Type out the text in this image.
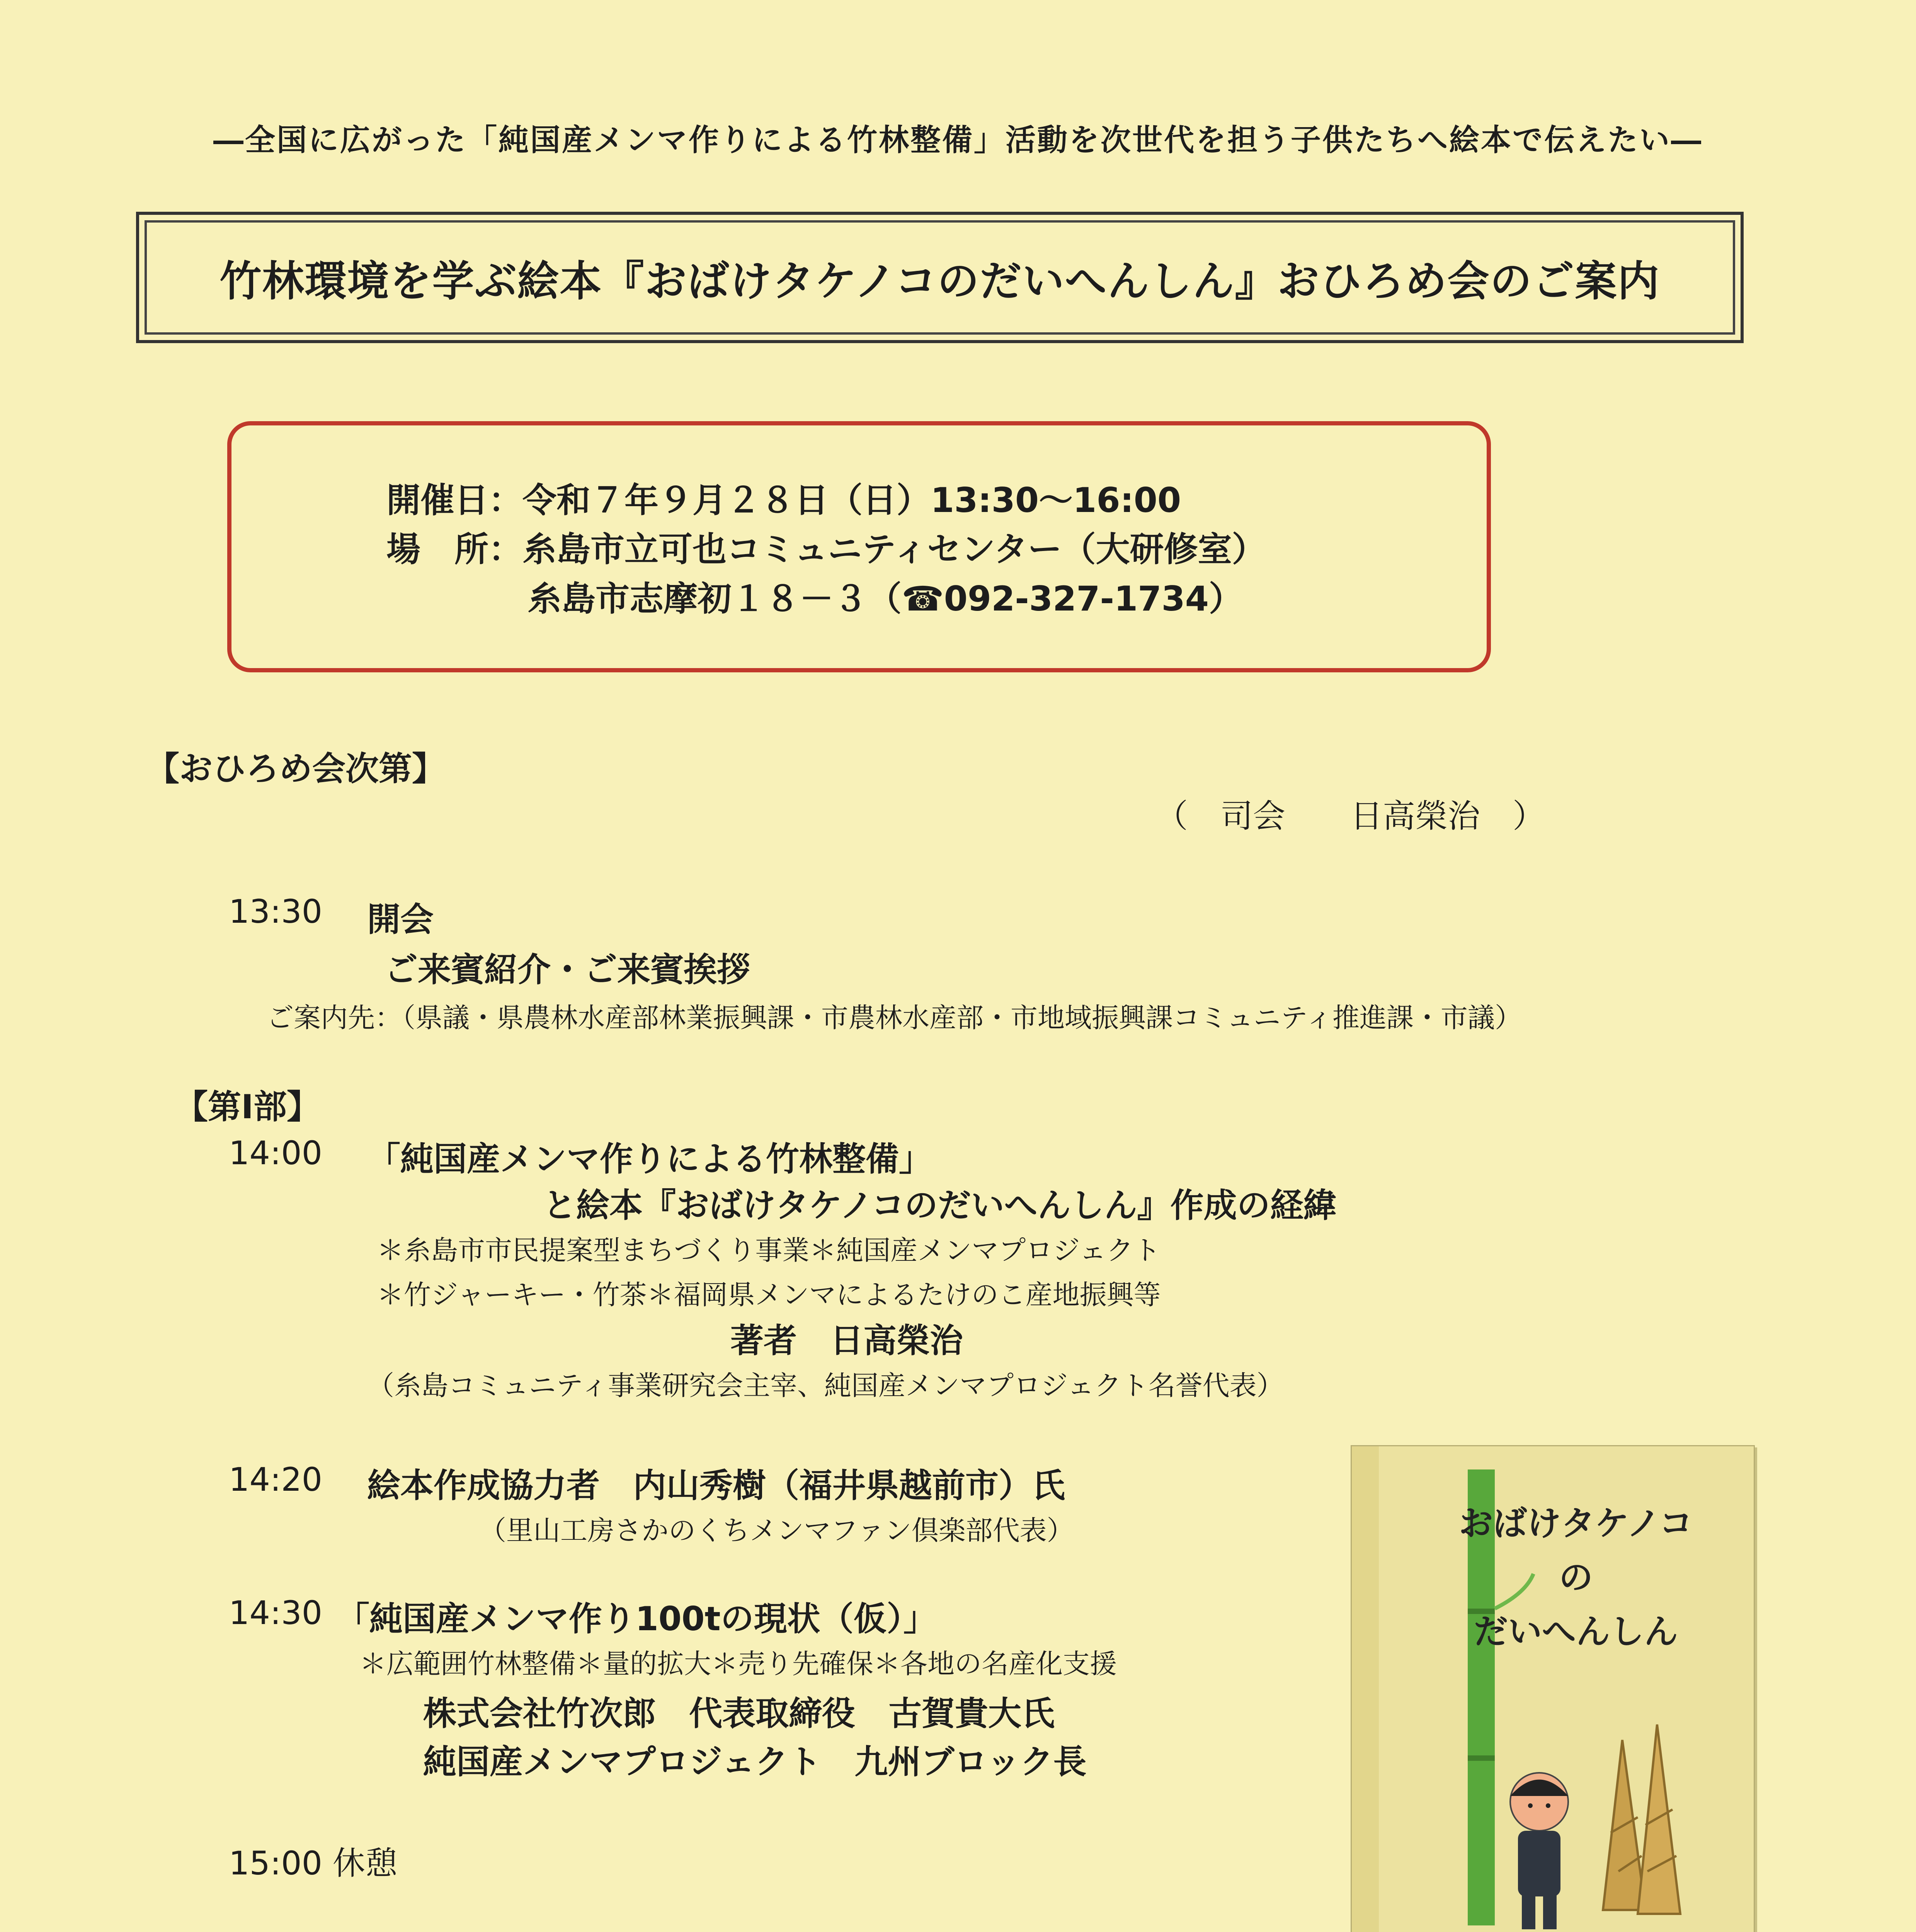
―全国に広がった「純国産メンマ作りによる竹林整備」活動を次世代を担う子供たちへ絵本で伝えたい―
竹林環境を学ぶ絵本『おばけタケノコのだいへんしん』おひろめ会のご案内
開催日：令和７年９月２８日（日）13:30～16:00
場　所：糸島市立可也コミュニティセンター（大研修室）
糸島市志摩初１８－３（☎092-327-1734）
【おひろめ会次第】
（　司会　　日高榮治　）
13:30 開会
ご来賓紹介・ご来賓挨拶
ご案内先：（県議・県農林水産部林業振興課・市農林水産部・市地域振興課コミュニティ推進課・市議）
【第Ⅰ部】
14:00 「純国産メンマ作りによる竹林整備」
と絵本『おばけタケノコのだいへんしん』作成の経緯
＊糸島市市民提案型まちづくり事業＊純国産メンマプロジェクト
＊竹ジャーキー・竹茶＊福岡県メンマによるたけのこ産地振興等
著者　日高榮治
（糸島コミュニティ事業研究会主宰、純国産メンマプロジェクト名誉代表）
14:20 絵本作成協力者　内山秀樹（福井県越前市）氏
（里山工房さかのくちメンマファン倶楽部代表）
14:30 「純国産メンマ作り100tの現状（仮）」
＊広範囲竹林整備＊量的拡大＊売り先確保＊各地の名産化支援
株式会社竹次郎　代表取締役　古賀貴大氏
純国産メンマプロジェクト　九州ブロック長
15:00 休憩

おばけタケノコ
の
だいへんしん
